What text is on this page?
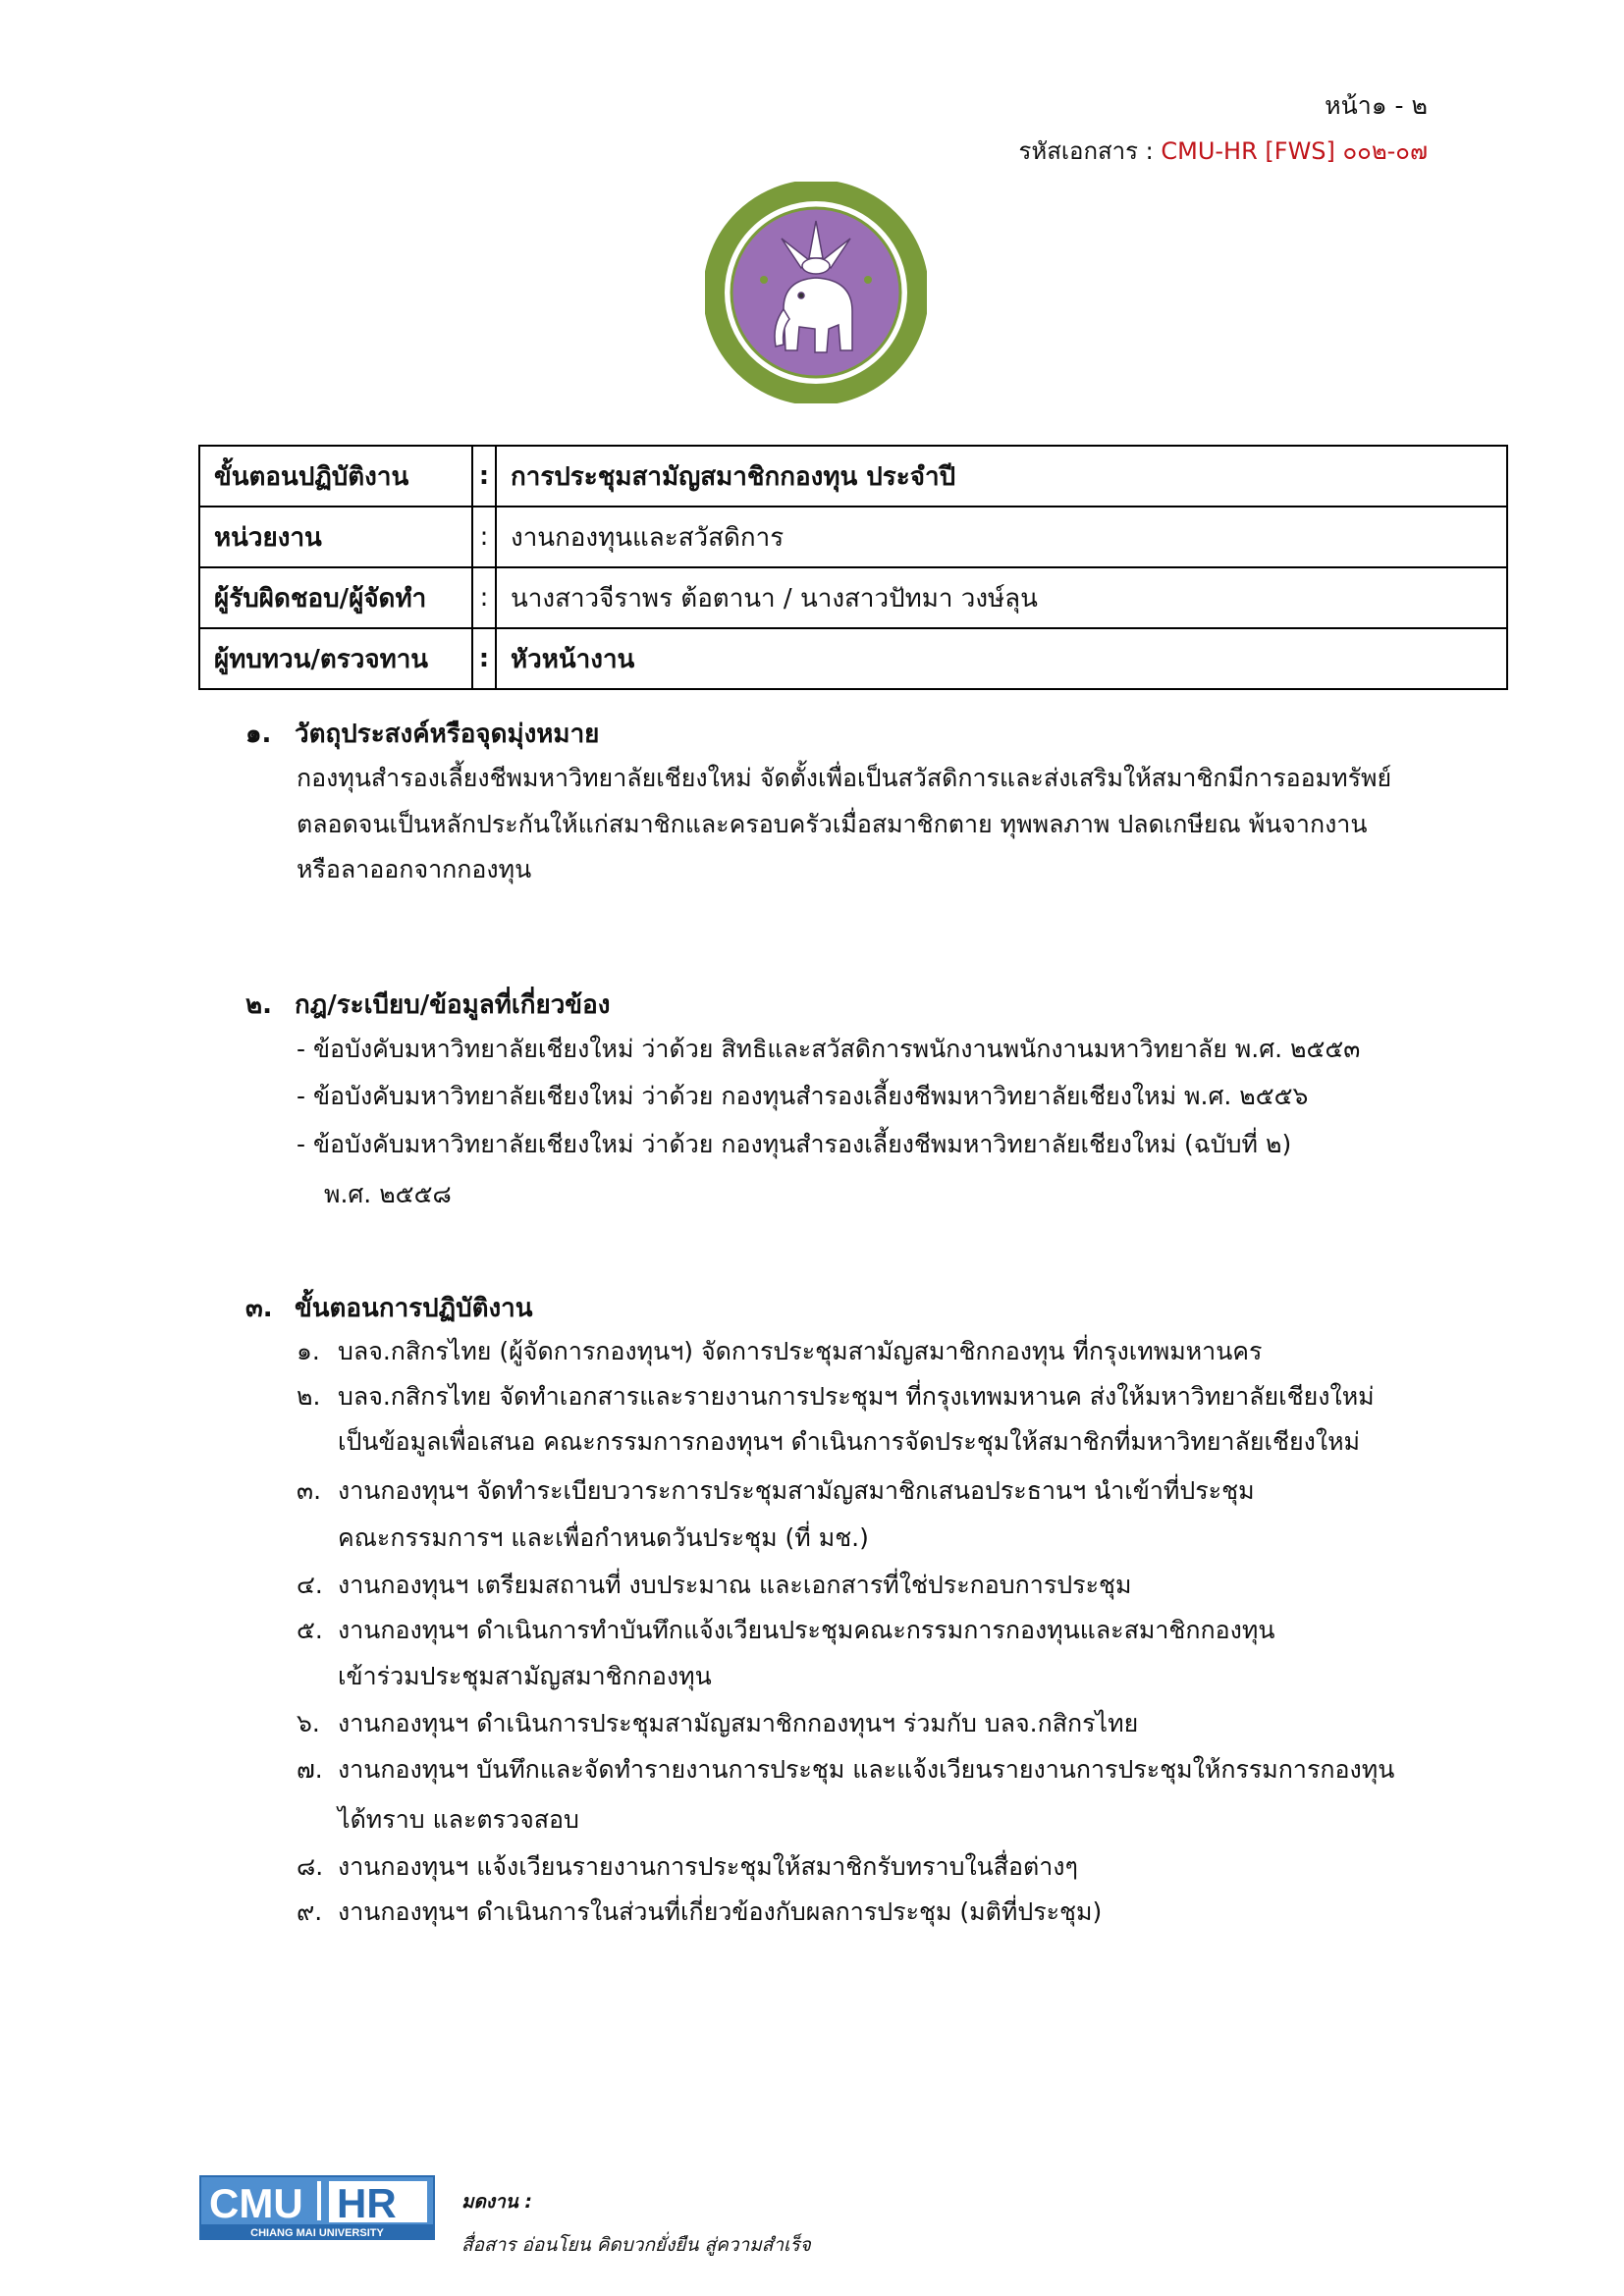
หน้า๑ - ๒
รหัสเอกสาร : CMU-HR [FWS] ๐๐๒-๐๗
ขั้นตอนปฏิบัติงาน	:	การประชุมสามัญสมาชิกกองทุน ประจำปี
หน่วยงาน	:	งานกองทุนและสวัสดิการ
ผู้รับผิดชอบ/ผู้จัดทำ	:	นางสาวจีราพร ต้อตานา / นางสาวปัทมา วงษ์ลุน
ผู้ทบทวน/ตรวจทาน	:	หัวหน้างาน
๑. วัตถุประสงค์หรือจุดมุ่งหมาย
กองทุนสำรองเลี้ยงชีพมหาวิทยาลัยเชียงใหม่ จัดตั้งเพื่อเป็นสวัสดิการและส่งเสริมให้สมาชิกมีการออมทรัพย์
ตลอดจนเป็นหลักประกันให้แก่สมาชิกและครอบครัวเมื่อสมาชิกตาย ทุพพลภาพ ปลดเกษียณ พ้นจากงาน
หรือลาออกจากกองทุน
๒. กฎ/ระเบียบ/ข้อมูลที่เกี่ยวข้อง
- ข้อบังคับมหาวิทยาลัยเชียงใหม่ ว่าด้วย สิทธิและสวัสดิการพนักงานพนักงานมหาวิทยาลัย พ.ศ. ๒๕๕๓
- ข้อบังคับมหาวิทยาลัยเชียงใหม่ ว่าด้วย กองทุนสำรองเลี้ยงชีพมหาวิทยาลัยเชียงใหม่ พ.ศ. ๒๕๕๖
- ข้อบังคับมหาวิทยาลัยเชียงใหม่ ว่าด้วย กองทุนสำรองเลี้ยงชีพมหาวิทยาลัยเชียงใหม่ (ฉบับที่ ๒)
พ.ศ. ๒๕๕๘
๓. ขั้นตอนการปฏิบัติงาน
๑. บลจ.กสิกรไทย (ผู้จัดการกองทุนฯ) จัดการประชุมสามัญสมาชิกกองทุน ที่กรุงเทพมหานคร
๒. บลจ.กสิกรไทย จัดทำเอกสารและรายงานการประชุมฯ ที่กรุงเทพมหานค ส่งให้มหาวิทยาลัยเชียงใหม่
เป็นข้อมูลเพื่อเสนอ คณะกรรมการกองทุนฯ ดำเนินการจัดประชุมให้สมาชิกที่มหาวิทยาลัยเชียงใหม่
๓. งานกองทุนฯ จัดทำระเบียบวาระการประชุมสามัญสมาชิกเสนอประธานฯ นำเข้าที่ประชุม
คณะกรรมการฯ และเพื่อกำหนดวันประชุม (ที่ มช.)
๔. งานกองทุนฯ เตรียมสถานที่ งบประมาณ และเอกสารที่ใช่ประกอบการประชุม
๕. งานกองทุนฯ ดำเนินการทำบันทึกแจ้งเวียนประชุมคณะกรรมการกองทุนและสมาชิกกองทุน
เข้าร่วมประชุมสามัญสมาชิกกองทุน
๖. งานกองทุนฯ ดำเนินการประชุมสามัญสมาชิกกองทุนฯ ร่วมกับ บลจ.กสิกรไทย
๗. งานกองทุนฯ บันทึกและจัดทำรายงานการประชุม และแจ้งเวียนรายงานการประชุมให้กรรมการกองทุน
ได้ทราบ และตรวจสอบ
๘. งานกองทุนฯ แจ้งเวียนรายงานการประชุมให้สมาชิกรับทราบในสื่อต่างๆ
๙. งานกองทุนฯ ดำเนินการในส่วนที่เกี่ยวข้องกับผลการประชุม (มติที่ประชุม)
CMU HR
CHIANG MAI UNIVERSITY
มดงาน :
สื่อสาร อ่อนโยน คิดบวกยั่งยืน สู่ความสำเร็จ
